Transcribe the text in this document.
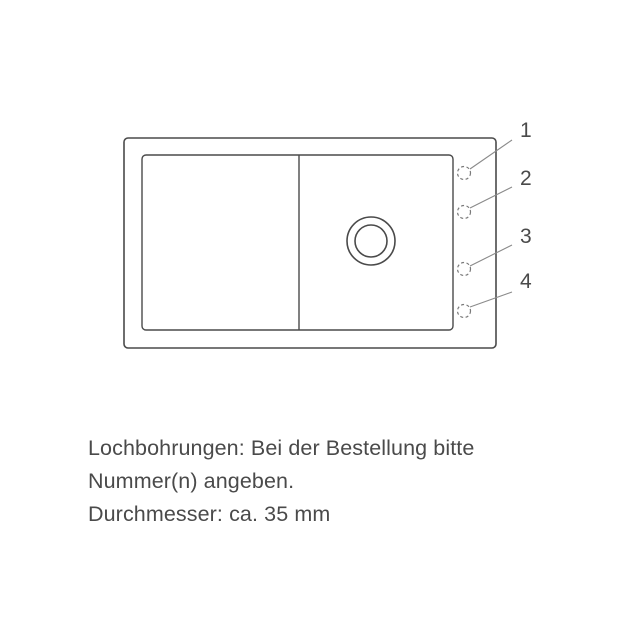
1
2
3
4
Lochbohrungen: Bei der Bestellung bitte
Nummer(n) angeben.
Durchmesser: ca. 35 mm
